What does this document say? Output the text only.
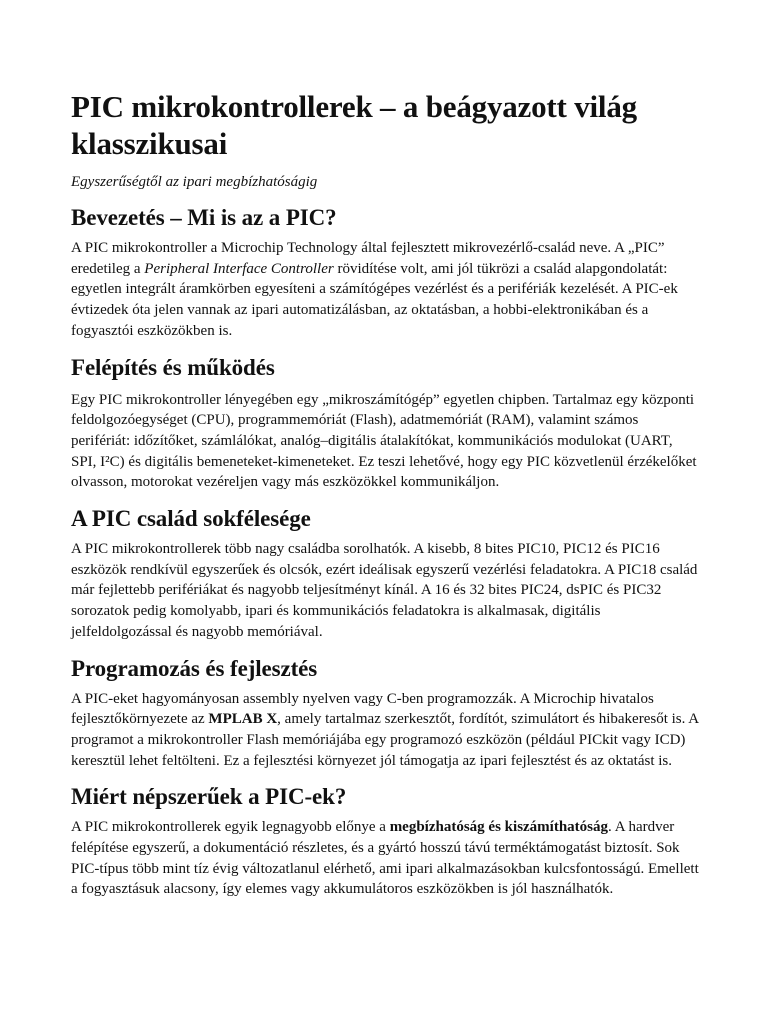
PIC mikrokontrollerek – a beágyazott világ klasszikusai

Egyszerűségtől az ipari megbízhatóságig

Bevezetés – Mi is az a PIC?

A PIC mikrokontroller a Microchip Technology által fejlesztett mikrovezérlő-család neve. A „PIC” eredetileg a Peripheral Interface Controller rövidítése volt, ami jól tükrözi a család alapgondolatát: egyetlen integrált áramkörben egyesíteni a számítógépes vezérlést és a perifériák kezelését. A PIC-ek évtizedek óta jelen vannak az ipari automatizálásban, az oktatásban, a hobbi-elektronikában és a fogyasztói eszközökben is.

Felépítés és működés

Egy PIC mikrokontroller lényegében egy „mikroszámítógép” egyetlen chipben. Tartalmaz egy központi feldolgozóegységet (CPU), programmemóriát (Flash), adatmemóriát (RAM), valamint számos perifériát: időzítőket, számlálókat, analóg–digitális átalakítókat, kommunikációs modulokat (UART, SPI, I²C) és digitális bemeneteket-kimeneteket. Ez teszi lehetővé, hogy egy PIC közvetlenül érzékelőket olvasson, motorokat vezéreljen vagy más eszközökkel kommunikáljon.

A PIC család sokfélesége

A PIC mikrokontrollerek több nagy családba sorolhatók. A kisebb, 8 bites PIC10, PIC12 és PIC16 eszközök rendkívül egyszerűek és olcsók, ezért ideálisak egyszerű vezérlési feladatokra. A PIC18 család már fejlettebb perifériákat és nagyobb teljesítményt kínál. A 16 és 32 bites PIC24, dsPIC és PIC32 sorozatok pedig komolyabb, ipari és kommunikációs feladatokra is alkalmasak, digitális jelfeldolgozással és nagyobb memóriával.

Programozás és fejlesztés

A PIC-eket hagyományosan assembly nyelven vagy C-ben programozzák. A Microchip hivatalos fejlesztőkörnyezete az MPLAB X, amely tartalmaz szerkesztőt, fordítót, szimulátort és hibakeresőt is. A programot a mikrokontroller Flash memóriájába egy programozó eszközön (például PICkit vagy ICD) keresztül lehet feltölteni. Ez a fejlesztési környezet jól támogatja az ipari fejlesztést és az oktatást is.

Miért népszerűek a PIC-ek?

A PIC mikrokontrollerek egyik legnagyobb előnye a megbízhatóság és kiszámíthatóság. A hardver felépítése egyszerű, a dokumentáció részletes, és a gyártó hosszú távú terméktámogatást biztosít. Sok PIC-típus több mint tíz évig változatlanul elérhető, ami ipari alkalmazásokban kulcsfontosságú. Emellett a fogyasztásuk alacsony, így elemes vagy akkumulátoros eszközökben is jól használhatók.
